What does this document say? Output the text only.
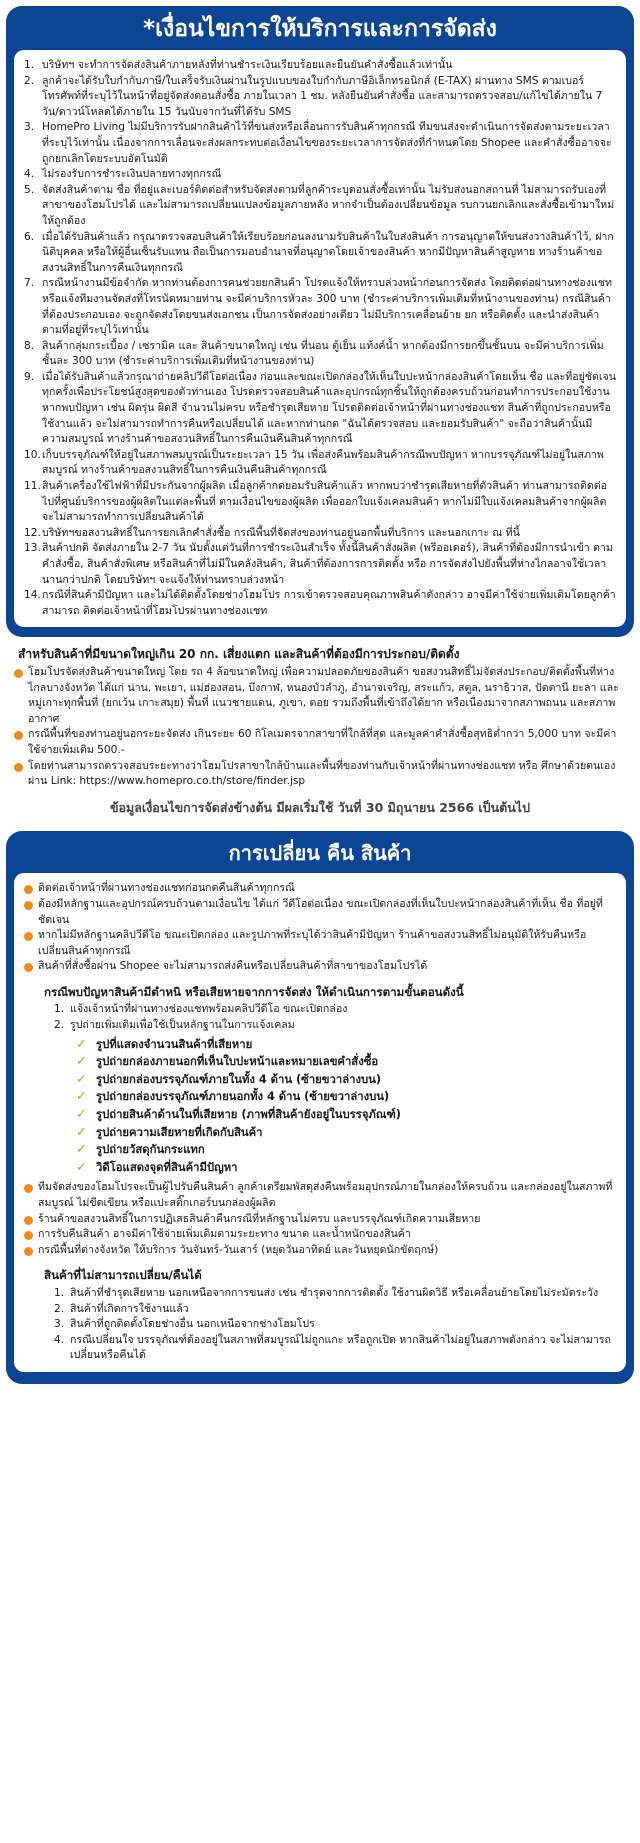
*เงื่อนไขการให้บริการและการจัดส่ง
1. บริษัทฯ จะทำการจัดส่งสินค้าภายหลังที่ท่านชำระเงินเรียบร้อยและยืนยันคำสั่งซื้อแล้วเท่านั้น
2. ลูกค้าจะได้รับใบกำกับภาษี/ใบเสร็จรับเงินผ่านในรูปแบบของใบกำกับภาษีอิเล็กทรอนิกส์ (E-TAX) ผ่านทาง SMS ตามเบอร์โทรศัพท์ที่ระบุไว้ในหน้าที่อยู่จัดส่งตอนสั่งซื้อ ภายในเวลา 1 ชม. หลังยืนยันคำสั่งซื้อ และสามารถตรวจสอบ/แก้ไขได้ภายใน 7 วัน/ดาวน์โหลดได้ภายใน 15 วันนับจากวันที่ได้รับ SMS
3. HomePro Living ไม่มีบริการรับฝากสินค้าไว้ที่ขนส่งหรือเลื่อนการรับสินค้าทุกกรณี ทีมขนส่งจะดำเนินการจัดส่งตามระยะเวลาที่ระบุไว้เท่านั้น เนื่องจากการเลื่อนจะส่งผลกระทบต่อเงื่อนไขของระยะเวลาการจัดส่งที่กำหนดโดย Shopee และคำสั่งซื้ออาจจะถูกยกเลิกโดยระบบอัตโนมัติ
4. ไม่รองรับการชำระเงินปลายทางทุกกรณี
5. จัดส่งสินค้าตาม ชื่อ ที่อยู่และเบอร์ติดต่อสำหรับจัดส่งตามที่ลูกค้าระบุตอนสั่งซื้อเท่านั้น ไม่รับส่งนอกสถานที่ ไม่สามารถรับเองที่สาขาของโฮมโปรได้ และไม่สามารถเปลี่ยนแปลงข้อมูลภายหลัง หากจำเป็นต้องเปลี่ยนข้อมูล รบกวนยกเลิกและสั่งซื้อเข้ามาใหม่ให้ถูกต้อง
6. เมื่อได้รับสินค้าแล้ว กรุณาตรวจสอบสินค้าให้เรียบร้อยก่อนลงนามรับสินค้าในใบส่งสินค้า การอนุญาตให้ขนส่งวางสินค้าไว้, ฝากนิติบุคคล หรือให้ผู้อื่นเซ็นรับแทน ถือเป็นการมอบอำนาจที่อนุญาตโดยเจ้าของสินค้า หากมีปัญหาสินค้าสูญหาย ทางร้านค้าขอสงวนสิทธิ์ในการคืนเงินทุกกรณี
7. กรณีหน้างานมีข้อจำกัด หากท่านต้องการคนช่วยยกสินค้า โปรดแจ้งให้ทราบล่วงหน้าก่อนการจัดส่ง โดยติดต่อผ่านทางช่องแชท หรือแจ้งทีมงานจัดส่งที่โทรนัดหมายท่าน จะมีค่าบริการหัวละ 300 บาท (ชำระค่าบริการเพิ่มเติมที่หน้างานของท่าน) กรณีสินค้าที่ต้องประกอบเอง จะถูกจัดส่งโดยขนส่งเอกชน เป็นการจัดส่งอย่างเดียว ไม่มีบริการเคลื่อนย้าย ยก หรือติดตั้ง และนำส่งสินค้าตามที่อยู่ที่ระบุไว้เท่านั้น
8. สินค้ากลุ่มกระเบื้อง / เซรามิค และ สินค้าขนาดใหญ่ เช่น ที่นอน ตู้เย็น แท้งค์น้ำ หากต้องมีการยกขึ้นชั้นบน จะมีค่าบริการเพิ่มชั้นละ 300 บาท (ชำระค่าบริการเพิ่มเติมที่หน้างานของท่าน)
9. เมื่อได้รับสินค้าแล้วกรุณาถ่ายคลิปวีดีโอต่อเนื่อง ก่อนและขณะเปิดกล่องให้เห็นใบปะหน้ากล่องสินค้าโดยเห็น ชื่อ และที่อยู่ชัดเจนทุกครั้งเพื่อประโยชน์สูงสุดของตัวท่านเอง โปรดตรวจสอบสินค้าและอุปกรณ์ทุกชิ้นให้ถูกต้องครบถ้วนก่อนทำการประกอบใช้งาน หากพบปัญหา เช่น ผิดรุ่น ผิดสี จำนวนไม่ครบ หรือชำรุดเสียหาย โปรดติดต่อเจ้าหน้าที่ผ่านทางช่องแชท สินค้าที่ถูกประกอบหรือใช้งานแล้ว จะไม่สามารถทำการคืนหรือเปลี่ยนได้ และหากท่านกด "ฉันได้ตรวจสอบ และยอมรับสินค้า" จะถือว่าสินค้านั้นมีความสมบูรณ์ ทางร้านค้าขอสงวนสิทธิ์ในการคืนเงินคืนสินค้าทุกกรณี
10. เก็บบรรจุภัณฑ์ให้อยู่ในสภาพสมบูรณ์เป็นระยะเวลา 15 วัน เพื่อส่งคืนพร้อมสินค้ากรณีพบปัญหา หากบรรจุภัณฑ์ไม่อยู่ในสภาพสมบูรณ์ ทางร้านค้าขอสงวนสิทธิ์ในการคืนเงินคืนสินค้าทุกกรณี
11. สินค้าเครื่องใช้ไฟฟ้าที่มีประกันจากผู้ผลิต เมื่อลูกค้ากดยอมรับสินค้าแล้ว หากพบว่าชำรุดเสียหายที่ตัวสินค้า ท่านสามารถติดต่อไปที่ศูนย์บริการของผู้ผลิตในแต่ละพื้นที่ ตามเงื่อนไขของผู้ผลิต เพื่อออกใบแจ้งเคลมสินค้า หากไม่มีใบแจ้งเคลมสินค้าจากผู้ผลิต จะไม่สามารถทำการเปลี่ยนสินค้าได้
12. บริษัทฯขอสงวนสิทธิ์ในการยกเลิกคำสั่งซื้อ กรณีพื้นที่จัดส่งของท่านอยู่นอกพื้นที่บริการ และนอกเกาะ ณ ที่นี้
13. สินค้าปกติ จัดส่งภายใน 2-7 วัน นับตั้งแต่วันที่การชำระเงินสำเร็จ ทั้งนี้สินค้าสั่งผลิต (พรีออเดอร์), สินค้าที่ต้องมีการนำเข้า ตามคำสั่งซื้อ, สินค้าสั่งพิเศษ หรือสินค้าที่ไม่มีในคลังสินค้า, สินค้าที่ต้องการการติดตั้ง หรือ การจัดส่งไปยังพื้นที่ห่างไกลอาจใช้เวลานานกว่าปกติ โดยบริษัทฯ จะแจ้งให้ท่านทราบล่วงหน้า
14. กรณีที่สินค้ามีปัญหา และไม่ได้ติดตั้งโดยช่างโฮมโปร การเข้าตรวจสอบคุณภาพสินค้าดังกล่าว อาจมีค่าใช้จ่ายเพิ่มเติมโดยลูกค้าสามารถ ติดต่อเจ้าหน้าที่โฮมโปรผ่านทางช่องแชท
สำหรับสินค้าที่มีขนาดใหญ่เกิน 20 กก. เสี่ยงแตก และสินค้าที่ต้องมีการประกอบ/ติดตั้ง
โฮมโปรจัดส่งสินค้าขนาดใหญ่ โดย รถ 4 ล้อขนาดใหญ่ เพื่อความปลอดภัยของสินค้า ขอสงวนสิทธิ์ไม่จัดส่งประกอบ/ติดตั้งพื้นที่ห่างไกลบางจังหวัด ได้แก่ น่าน, พะเยา, แม่ฮ่องสอน, บึงกาฬ, หนองบัวลำภู, อำนาจเจริญ, สระแก้ว, สตูล, นราธิวาส, ปัตตานี ยะลา และหมู่เกาะทุกพื้นที่ (ยกเว้น เกาะสมุย) พื้นที่ แนวชายแดน, ภูเขา, ดอย รวมถึงพื้นที่เข้าถึงได้ยาก หรือเนื่องมาจากสภาพถนน และสภาพอากาศ
กรณีพื้นที่ของท่านอยู่นอกระยะจัดส่ง เกินระยะ 60 กิโลเมตรจากสาขาที่ใกล้ที่สุด และมูลค่าคำสั่งซื้อสุทธิต่ำกว่า 5,000 บาท จะมีค่าใช้จ่ายเพิ่มเติม 500.-
โดยท่านสามารถตรวจสอบระยะทางว่าโฮมโปรสาขาใกล้บ้านและพื้นที่ของท่านกับเจ้าหน้าที่ผ่านทางช่องแชท หรือ ศึกษาด้วยตนเองผ่าน Link: https://www.homepro.co.th/store/finder.jsp
ข้อมูลเงื่อนไขการจัดส่งข้างต้น มีผลเริ่มใช้ วันที่ 30 มิถุนายน 2566 เป็นต้นไป
การเปลี่ยน คืน สินค้า
ติดต่อเจ้าหน้าที่ผ่านทางช่องแชทก่อนกดคืนสินค้าทุกกรณี
ต้องมีหลักฐานและอุปกรณ์ครบถ้วนตามเงื่อนไข ได้แก่ วีดีโอต่อเนื่อง ขณะเปิดกล่องที่เห็นใบปะหน้ากล่องสินค้าที่เห็น ชื่อ ที่อยู่ที่ชัดเจน
หากไม่มีหลักฐานคลิปวีดีโอ ขณะเปิดกล่อง และรูปภาพที่ระบุได้ว่าสินค้ามีปัญหา ร้านค้าขอสงวนสิทธิ์ไม่อนุมัติให้รับคืนหรือเปลี่ยนสินค้าทุกกรณี
สินค้าที่สั่งซื้อผ่าน Shopee จะไม่สามารถส่งคืนหรือเปลี่ยนสินค้าที่สาขาของโฮมโปรได้
กรณีพบปัญหาสินค้ามีตำหนิ หรือเสียหายจากการจัดส่ง ให้ดำเนินการตามขั้นตอนดังนี้
1. แจ้งเจ้าหน้าที่ผ่านทางช่องแชทพร้อมคลิปวีดีโอ ขณะเปิดกล่อง
2. รูปถ่ายเพิ่มเติมเพื่อใช้เป็นหลักฐานในการแจ้งเคลม
✓ รูปที่แสดงจำนวนสินค้าที่เสียหาย
✓ รูปถ่ายกล่องภายนอกที่เห็นใบปะหน้าและหมายเลขคำสั่งซื้อ
✓ รูปถ่ายกล่องบรรจุภัณฑ์ภายในทั้ง 4 ด้าน (ซ้ายขวาล่างบน)
✓ รูปถ่ายกล่องบรรจุภัณฑ์ภายนอกทั้ง 4 ด้าน (ซ้ายขวาล่างบน)
✓ รูปถ่ายสินค้าด้านในที่เสียหาย (ภาพที่สินค้ายังอยู่ในบรรจุภัณฑ์)
✓ รูปถ่ายความเสียหายที่เกิดกับสินค้า
✓ รูปถ่ายวัสดุกันกระแทก
✓ วิดีโอแสดงจุดที่สินค้ามีปัญหา
ทีมจัดส่งของโฮมโปรจะเป็นผู้ไปรับคืนสินค้า ลูกค้าเตรียมพัสดุส่งคืนพร้อมอุปกรณ์ภายในกล่องให้ครบถ้วน และกล่องอยู่ในสภาพที่สมบูรณ์ ไม่ขีดเขียน หรือแปะสติ๊กเกอร์บนกล่องผู้ผลิต
ร้านค้าขอสงวนสิทธิ์ในการปฏิเสธสินค้าคืนกรณีที่หลักฐานไม่ครบ และบรรจุภัณฑ์เกิดความเสียหาย
การรับคืนสินค้า อาจมีค่าใช้จ่ายเพิ่มเติมตามระยะทาง ขนาด และน้ำหนักของสินค้า
กรณีพื้นที่ต่างจังหวัด ให้บริการ วันจันทร์-วันเสาร์ (หยุดวันอาทิตย์ และวันหยุดนักขัตฤกษ์)
สินค้าที่ไม่สามารถเปลี่ยน/คืนได้
1. สินค้าที่ชำรุดเสียหาย นอกเหนือจากการขนส่ง เช่น ชำรุดจากการติดตั้ง ใช้งานผิดวิธี หรือเคลื่อนย้ายโดยไม่ระมัดระวัง
2. สินค้าที่เกิดการใช้งานแล้ว
3. สินค้าที่ถูกติดตั้งโดยช่างอื่น นอกเหนือจากช่างโฮมโปร
4. กรณีเปลี่ยนใจ บรรจุภัณฑ์ต้องอยู่ในสภาพที่สมบูรณ์ไม่ถูกแกะ หรือถูกเปิด หากสินค้าไม่อยู่ในสภาพดังกล่าว จะไม่สามารถเปลี่ยนหรือคืนได้
